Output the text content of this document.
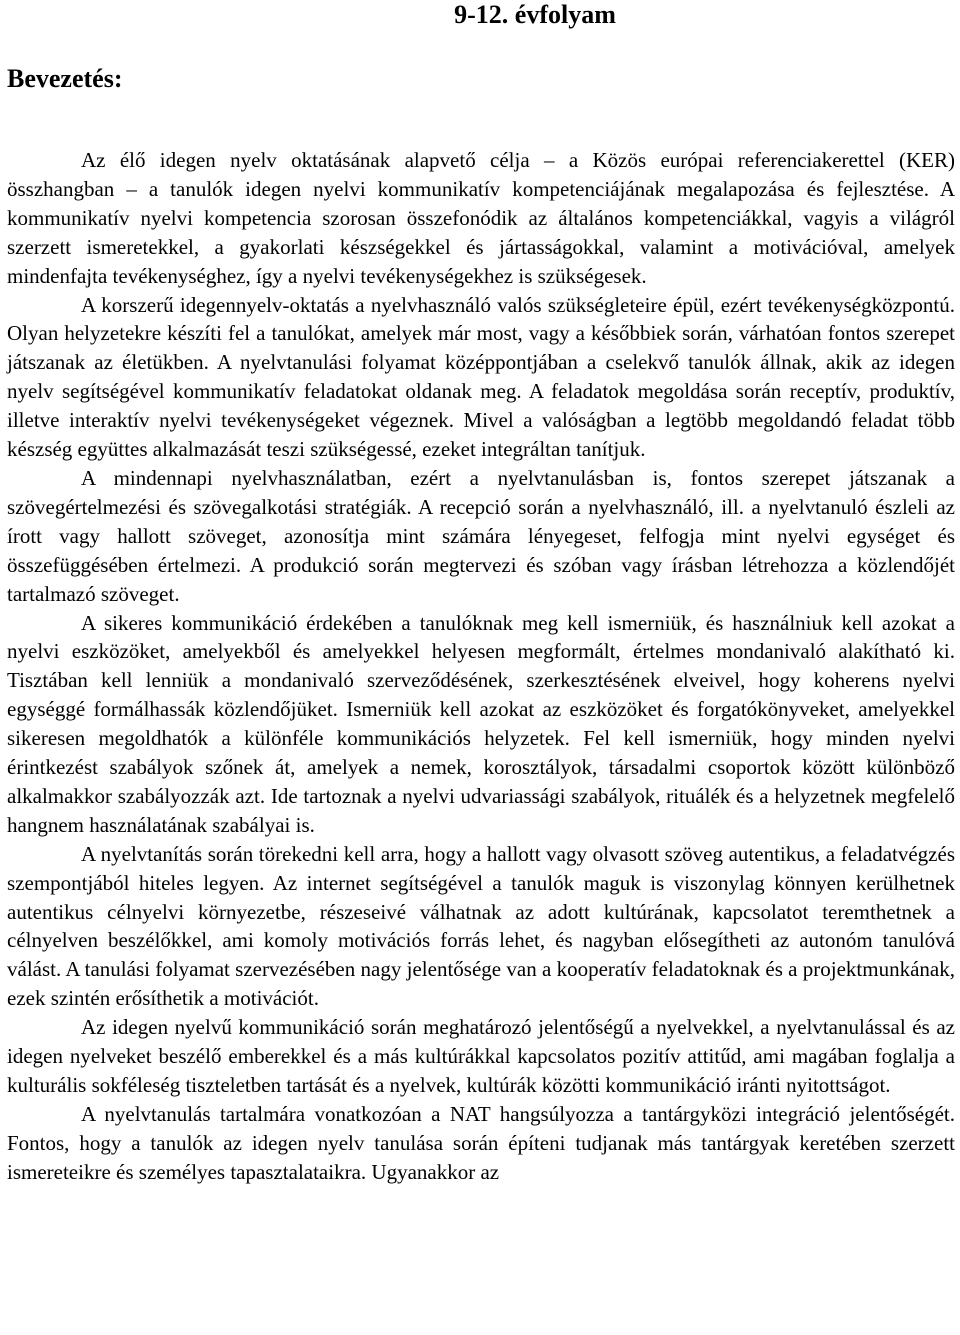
9-12. évfolyam
Bevezetés:

Az élő idegen nyelv oktatásának alapvető célja – a Közös európai referenciakerettel (KER) összhangban – a tanulók idegen nyelvi kommunikatív kompetenciájának megalapozása és fejlesztése. A kommunikatív nyelvi kompetencia szorosan összefonódik az általános kompetenciákkal, vagyis a világról szerzett ismeretekkel, a gyakorlati készségekkel és jártasságokkal, valamint a motivációval, amelyek mindenfajta tevékenységhez, így a nyelvi tevékenységekhez is szükségesek.

A korszerű idegennyelv-oktatás a nyelvhasználó valós szükségleteire épül, ezért tevékenységközpontú. Olyan helyzetekre készíti fel a tanulókat, amelyek már most, vagy a későbbiek során, várhatóan fontos szerepet játszanak az életükben. A nyelvtanulási folyamat középpontjában a cselekvő tanulók állnak, akik az idegen nyelv segítségével kommunikatív feladatokat oldanak meg. A feladatok megoldása során receptív, produktív, illetve interaktív nyelvi tevékenységeket végeznek. Mivel a valóságban a legtöbb megoldandó feladat több készség együttes alkalmazását teszi szükségessé, ezeket integráltan tanítjuk.

A mindennapi nyelvhasználatban, ezért a nyelvtanulásban is, fontos szerepet játszanak a szövegértelmezési és szövegalkotási stratégiák. A recepció során a nyelvhasználó, ill. a nyelvtanuló észleli az írott vagy hallott szöveget, azonosítja mint számára lényegeset, felfogja mint nyelvi egységet és összefüggésében értelmezi. A produkció során megtervezi és szóban vagy írásban létrehozza a közlendőjét tartalmazó szöveget.

A sikeres kommunikáció érdekében a tanulóknak meg kell ismerniük, és használniuk kell azokat a nyelvi eszközöket, amelyekből és amelyekkel helyesen megformált, értelmes mondanivaló alakítható ki. Tisztában kell lenniük a mondanivaló szerveződésének, szerkesztésének elveivel, hogy koherens nyelvi egységgé formálhassák közlendőjüket. Ismerniük kell azokat az eszközöket és forgatókönyveket, amelyekkel sikeresen megoldhatók a különféle kommunikációs helyzetek. Fel kell ismerniük, hogy minden nyelvi érintkezést szabályok szőnek át, amelyek a nemek, korosztályok, társadalmi csoportok között különböző alkalmakkor szabályozzák azt. Ide tartoznak a nyelvi udvariassági szabályok, rituálék és a helyzetnek megfelelő hangnem használatának szabályai is.

A nyelvtanítás során törekedni kell arra, hogy a hallott vagy olvasott szöveg autentikus, a feladatvégzés szempontjából hiteles legyen. Az internet segítségével a tanulók maguk is viszonylag könnyen kerülhetnek autentikus célnyelvi környezetbe, részeseivé válhatnak az adott kultúrának, kapcsolatot teremthetnek a célnyelven beszélőkkel, ami komoly motivációs forrás lehet, és nagyban elősegítheti az autonóm tanulóvá válást. A tanulási folyamat szervezésében nagy jelentősége van a kooperatív feladatoknak és a projektmunkának, ezek szintén erősíthetik a motivációt.

Az idegen nyelvű kommunikáció során meghatározó jelentőségű a nyelvekkel, a nyelvtanulással és az idegen nyelveket beszélő emberekkel és a más kultúrákkal kapcsolatos pozitív attitűd, ami magában foglalja a kulturális sokféleség tiszteletben tartását és a nyelvek, kultúrák közötti kommunikáció iránti nyitottságot.

A nyelvtanulás tartalmára vonatkozóan a NAT hangsúlyozza a tantárgyközi integráció jelentőségét. Fontos, hogy a tanulók az idegen nyelv tanulása során építeni tudjanak más tantárgyak keretében szerzett ismereteikre és személyes tapasztalataikra. Ugyanakkor az
